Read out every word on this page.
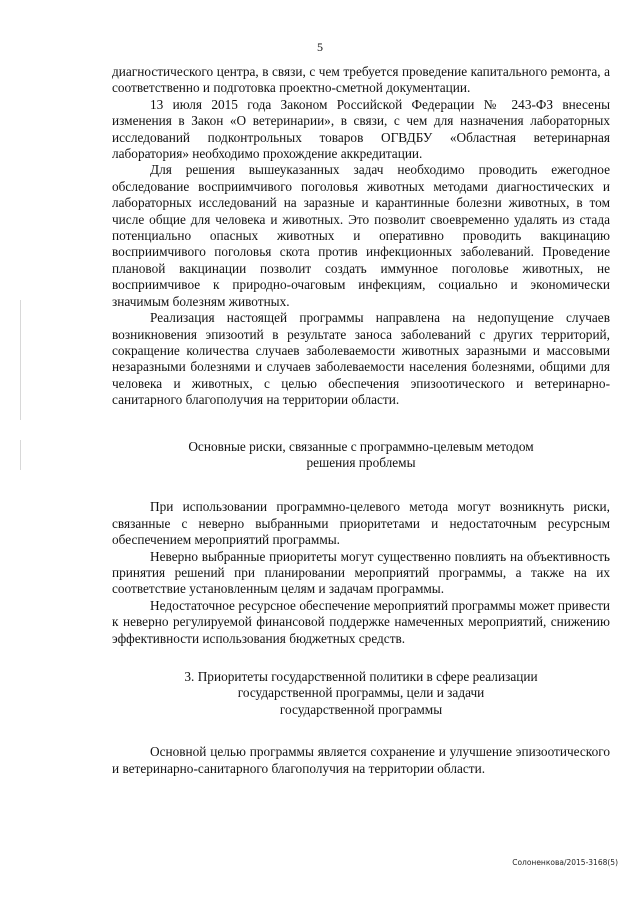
5

диагностического центра, в связи, с чем требуется проведение капитального ремонта, а соответственно и подготовка проектно-сметной документации.

13 июля 2015 года Законом Российской Федерации № 243-ФЗ внесены изменения в Закон «О ветеринарии», в связи, с чем для назначения лабораторных исследований подконтрольных товаров ОГВДБУ «Областная ветеринарная лаборатория» необходимо прохождение аккредитации.

Для решения вышеуказанных задач необходимо проводить ежегодное обследование восприимчивого поголовья животных методами диагностических и лабораторных исследований на заразные и карантинные болезни животных, в том числе общие для человека и животных. Это позволит своевременно удалять из стада потенциально опасных животных и оперативно проводить вакцинацию восприимчивого поголовья скота против инфекционных заболеваний. Проведение плановой вакцинации позволит создать иммунное поголовье животных, не восприимчивое к природно-очаговым инфекциям, социально и экономически значимым болезням животных.

Реализация настоящей программы направлена на недопущение случаев возникновения эпизоотий в результате заноса заболеваний с других территорий, сокращение количества случаев заболеваемости животных заразными и массовыми незаразными болезнями и случаев заболеваемости населения болезнями, общими для человека и животных, с целью обеспечения эпизоотического и ветеринарно-санитарного благополучия на территории области.

Основные риски, связанные с программно-целевым методом
решения проблемы

При использовании программно-целевого метода могут возникнуть риски, связанные с неверно выбранными приоритетами и недостаточным ресурсным обеспечением мероприятий программы.

Неверно выбранные приоритеты могут существенно повлиять на объективность принятия решений при планировании мероприятий программы, а также на их соответствие установленным целям и задачам программы.

Недостаточное ресурсное обеспечение мероприятий программы может привести к неверно регулируемой финансовой поддержке намеченных мероприятий, снижению эффективности использования бюджетных средств.

3. Приоритеты государственной политики в сфере реализации
государственной программы, цели и задачи
государственной программы

Основной целью программы является сохранение и улучшение эпизоотического и ветеринарно-санитарного благополучия на территории области.

Солоненкова/2015-3168(5)
